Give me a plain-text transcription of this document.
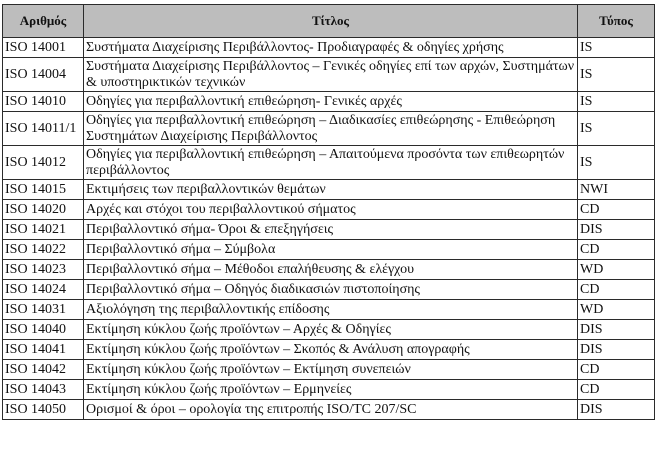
Αριθμός	Τίτλος	Τύπος
ISO 14001	Συστήματα Διαχείρισης Περιβάλλοντος- Προδιαγραφές & οδηγίες χρήσης	IS
ISO 14004	Συστήματα Διαχείρισης Περιβάλλοντος – Γενικές οδηγίες επί των αρχών, Συστημάτων & υποστηρικτικών τεχνικών	IS
ISO 14010	Οδηγίες για περιβαλλοντική επιθεώρηση- Γενικές αρχές	IS
ISO 14011/1	Οδηγίες για περιβαλλοντική επιθεώρηση – Διαδικασίες επιθεώρησης - Επιθεώρηση Συστημάτων Διαχείρισης Περιβάλλοντος	IS
ISO 14012	Οδηγίες για περιβαλλοντική επιθεώρηση – Απαιτούμενα προσόντα των επιθεωρητών περιβάλλοντος	IS
ISO 14015	Εκτιμήσεις των περιβαλλοντικών θεμάτων	NWI
ISO 14020	Αρχές και στόχοι του περιβαλλοντικού σήματος	CD
ISO 14021	Περιβαλλοντικό σήμα- Όροι & επεξηγήσεις	DIS
ISO 14022	Περιβαλλοντικό σήμα – Σύμβολα	CD
ISO 14023	Περιβαλλοντικό σήμα – Μέθοδοι επαλήθευσης & ελέγχου	WD
ISO 14024	Περιβαλλοντικό σήμα – Οδηγός διαδικασιών πιστοποίησης	CD
ISO 14031	Αξιολόγηση της περιβαλλοντικής επίδοσης	WD
ISO 14040	Εκτίμηση κύκλου ζωής προϊόντων – Αρχές & Οδηγίες	DIS
ISO 14041	Εκτίμηση κύκλου ζωής προϊόντων – Σκοπός & Ανάλυση απογραφής	DIS
ISO 14042	Εκτίμηση κύκλου ζωής προϊόντων – Εκτίμηση συνεπειών	CD
ISO 14043	Εκτίμηση κύκλου ζωής προϊόντων – Ερμηνείες	CD
ISO 14050	Ορισμοί & όροι – ορολογία της επιτροπής ISO/TC 207/SC	DIS
